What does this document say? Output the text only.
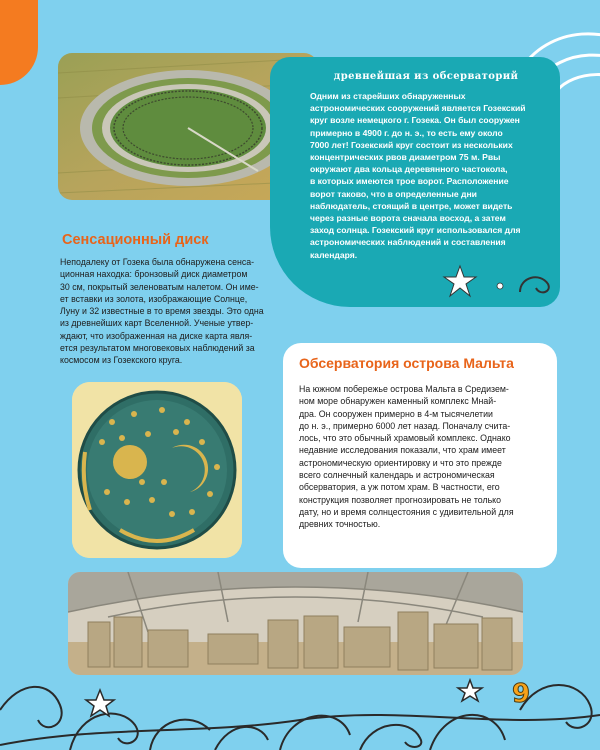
древнейшая из обсерваторий
Одним из старейших обнаруженных
астрономических сооружений является Гозекский
круг возле немецкого г. Гозека. Он был сооружен
примерно в 4900 г. до н. э., то есть ему около
7000 лет! Гозекский круг состоит из нескольких
концентрических рвов диаметром 75 м. Рвы
окружают два кольца деревянного частокола,
в которых имеются трое ворот. Расположение
ворот таково, что в определенные дни
наблюдатель, стоящий в центре, может видеть
через разные ворота сначала восход, а затем
заход солнца. Гозекский круг использовался для
астрономических наблюдений и составления
календаря.
Сенсационный диск
Неподалеку от Гозека была обнаружена сенса-
ционная находка: бронзовый диск диаметром
30 см, покрытый зеленоватым налетом. Он име-
ет вставки из золота, изображающие Солнце,
Луну и 32 известные в то время звезды. Это одна
из древнейших карт Вселенной. Ученые утвер-
ждают, что изображенная на диске карта явля-
ется результатом многовековых наблюдений за
космосом из Гозекского круга.	Обсерватория острова Мальта
На южном побережье острова Мальта в Средизем-
ном море обнаружен каменный комплекс Мнай-
дра. Он сооружен примерно в 4-м тысячелетии
до н. э., примерно 6000 лет назад. Поначалу счита-
лось, что это обычный храмовый комплекс. Однако
недавние исследования показали, что храм имеет
астрономическую ориентировку и что это прежде
всего солнечный календарь и астрономическая
обсерватория, а уж потом храм. В частности, его
конструкция позволяет прогнозировать не только
дату, но и время солнцестояния с удивительной для
древних точностью.
9
